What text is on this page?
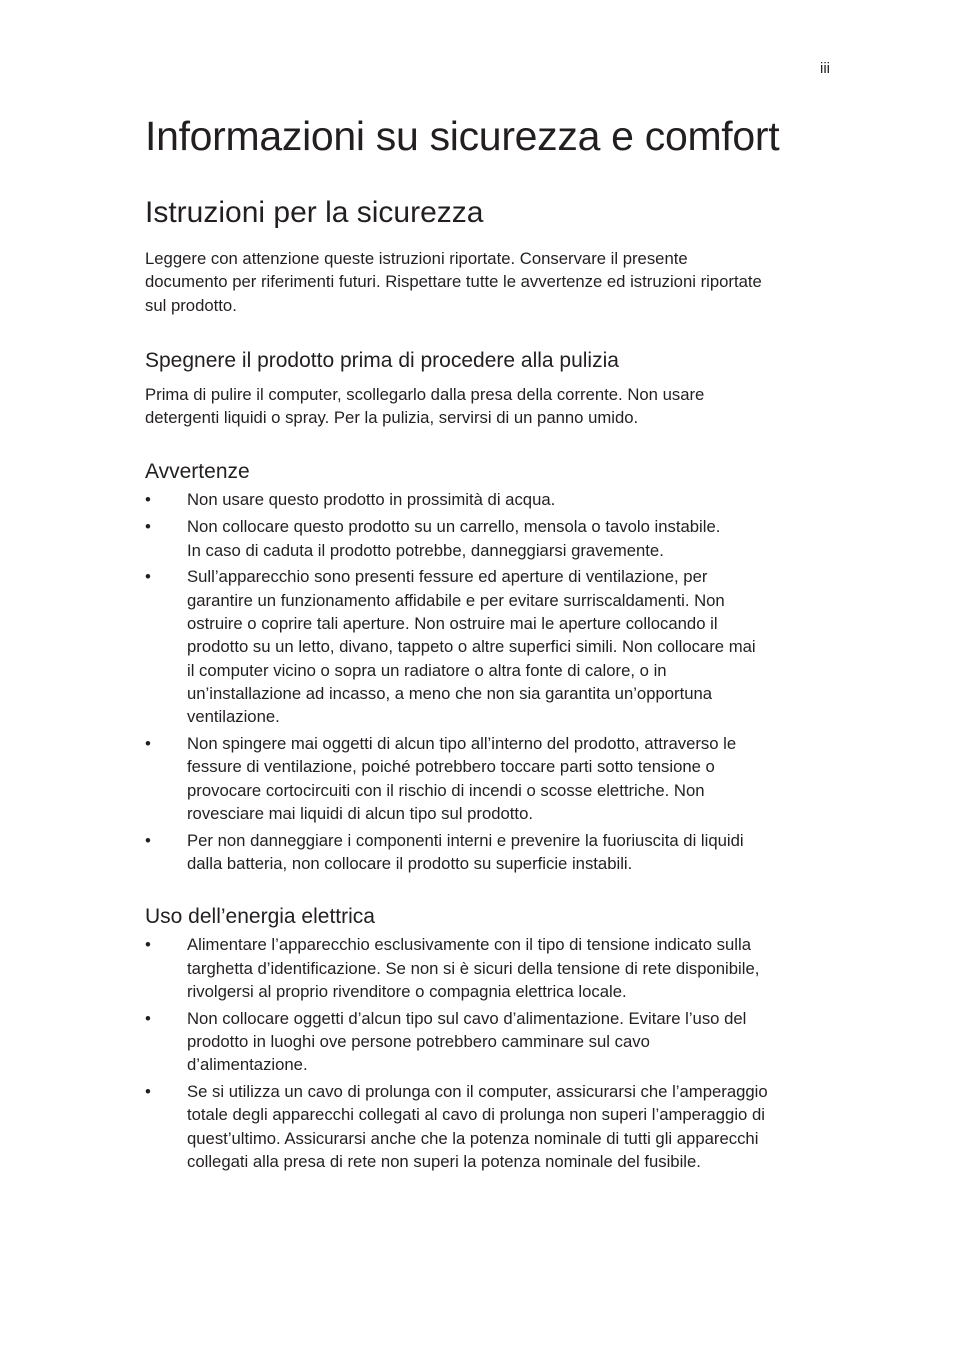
iii
Informazioni su sicurezza e comfort
Istruzioni per la sicurezza

Leggere con attenzione queste istruzioni riportate. Conservare il presente
documento per riferimenti futuri. Rispettare tutte le avvertenze ed istruzioni riportate
sul prodotto.

Spegnere il prodotto prima di procedere alla pulizia

Prima di pulire il computer, scollegarlo dalla presa della corrente. Non usare
detergenti liquidi o spray. Per la pulizia, servirsi di un panno umido.

Avvertenze
• Non usare questo prodotto in prossimità di acqua.
• Non collocare questo prodotto su un carrello, mensola o tavolo instabile.
In caso di caduta il prodotto potrebbe, danneggiarsi gravemente.
• Sull’apparecchio sono presenti fessure ed aperture di ventilazione, per
garantire un funzionamento affidabile e per evitare surriscaldamenti. Non
ostruire o coprire tali aperture. Non ostruire mai le aperture collocando il
prodotto su un letto, divano, tappeto o altre superfici simili. Non collocare mai
il computer vicino o sopra un radiatore o altra fonte di calore, o in
un’installazione ad incasso, a meno che non sia garantita un’opportuna
ventilazione.
• Non spingere mai oggetti di alcun tipo all’interno del prodotto, attraverso le
fessure di ventilazione, poiché potrebbero toccare parti sotto tensione o
provocare cortocircuiti con il rischio di incendi o scosse elettriche. Non
rovesciare mai liquidi di alcun tipo sul prodotto.
• Per non danneggiare i componenti interni e prevenire la fuoriuscita di liquidi
dalla batteria, non collocare il prodotto su superficie instabili.
Uso dell’energia elettrica
• Alimentare l’apparecchio esclusivamente con il tipo di tensione indicato sulla
targhetta d’identificazione. Se non si è sicuri della tensione di rete disponibile,
rivolgersi al proprio rivenditore o compagnia elettrica locale.
• Non collocare oggetti d’alcun tipo sul cavo d’alimentazione. Evitare l’uso del
prodotto in luoghi ove persone potrebbero camminare sul cavo
d’alimentazione.
• Se si utilizza un cavo di prolunga con il computer, assicurarsi che l’amperaggio
totale degli apparecchi collegati al cavo di prolunga non superi l’amperaggio di
quest’ultimo. Assicurarsi anche che la potenza nominale di tutti gli apparecchi
collegati alla presa di rete non superi la potenza nominale del fusibile.
